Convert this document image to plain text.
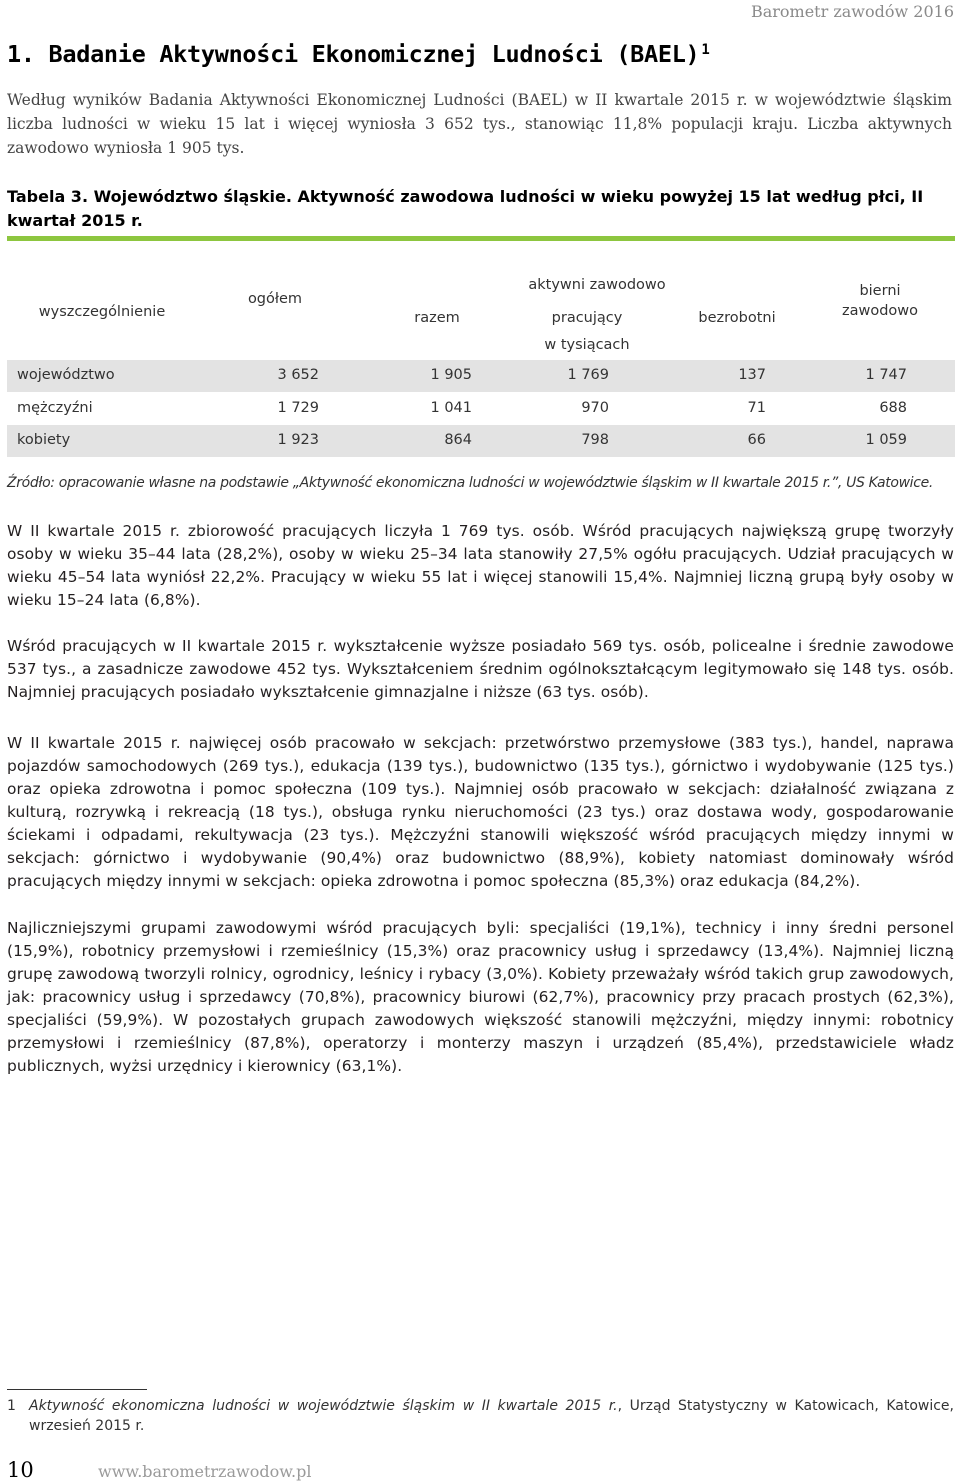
Barometr zawodów 2016
1. Badanie Aktywności Ekonomicznej Ludności (BAEL) $^1$
Według wyników Badania Aktywności Ekonomicznej Ludności (BAEL) w II kwartale 2015 r. w województwie śląskim liczba ludności w wieku 15 lat i więcej wyniosła 3 652 tys., stanowiąc 11,8% populacji kraju. Liczba aktywnych zawodowo wyniosła 1 905 tys.
Tabela 3. Województwo śląskie. Aktywność zawodowa ludności w wieku powyżej 15 lat według płci, II kwartał 2015 r.
wyszczególnienie
ogółem
aktywni zawodowo
razem	pracujący	bezrobotni
bierni zawodowo
w tysiącach
województwo	3 652	1 905	1 769	137	1 747
mężczyźni	1 729	1 041	970	71	688
kobiety	1 923	864	798	66	1 059
Źródło: opracowanie własne na podstawie „Aktywność ekonomiczna ludności w województwie śląskim w II kwartale 2015 r.”, US Katowice.
W II kwartale 2015 r. zbiorowość pracujących liczyła 1 769 tys. osób. Wśród pracujących największą grupę tworzyły osoby w wieku 35–44 lata (28,2%), osoby w wieku 25–34 lata stanowiły 27,5% ogółu pracujących. Udział pracujących w wieku 45–54 lata wyniósł 22,2%. Pracujący w wieku 55 lat i więcej stanowili 15,4%. Najmniej liczną grupą były osoby w wieku 15–24 lata (6,8%).
Wśród pracujących w II kwartale 2015 r. wykształcenie wyższe posiadało 569 tys. osób, policealne i średnie zawodowe 537 tys., a zasadnicze zawodowe 452 tys. Wykształceniem średnim ogólnokształcącym legitymowało się 148 tys. osób. Najmniej pracujących posiadało wykształcenie gimnazjalne i niższe (63 tys. osób).
W II kwartale 2015 r. najwięcej osób pracowało w sekcjach: przetwórstwo przemysłowe (383 tys.), handel, naprawa pojazdów samochodowych (269 tys.), edukacja (139 tys.), budownictwo (135 tys.), górnictwo i wydobywanie (125 tys.) oraz opieka zdrowotna i pomoc społeczna (109 tys.). Najmniej osób pracowało w sekcjach: działalność związana z kulturą, rozrywką i rekreacją (18 tys.), obsługa rynku nieruchomości (23 tys.) oraz dostawa wody, gospodarowanie ściekami i odpadami, rekultywacja (23 tys.). Mężczyźni stanowili większość wśród pracujących między innymi w sekcjach: górnictwo i wydobywanie (90,4%) oraz budownictwo (88,9%), kobiety natomiast dominowały wśród pracujących między innymi w sekcjach: opieka zdrowotna i pomoc społeczna (85,3%) oraz edukacja (84,2%).
Najliczniejszymi grupami zawodowymi wśród pracujących byli: specjaliści (19,1%), technicy i inny średni personel (15,9%), robotnicy przemysłowi i rzemieślnicy (15,3%) oraz pracownicy usług i sprzedawcy (13,4%). Najmniej liczną grupę zawodową tworzyli rolnicy, ogrodnicy, leśnicy i rybacy (3,0%). Kobiety przeważały wśród takich grup zawodowych, jak: pracownicy usług i sprzedawcy (70,8%), pracownicy biurowi (62,7%), pracownicy przy pracach prostych (62,3%), specjaliści (59,9%). W pozostałych grupach zawodowych większość stanowili mężczyźni, między innymi: robotnicy przemysłowi i rzemieślnicy (87,8%), operatorzy i monterzy maszyn i urządzeń (85,4%), przedstawiciele władz publicznych, wyżsi urzędnicy i kierownicy (63,1%).
1 Aktywność ekonomiczna ludności w województwie śląskim w II kwartale 2015 r., Urząd Statystyczny w Katowicach, Katowice, wrzesień 2015 r.
10	www.barometrzawodow.pl
